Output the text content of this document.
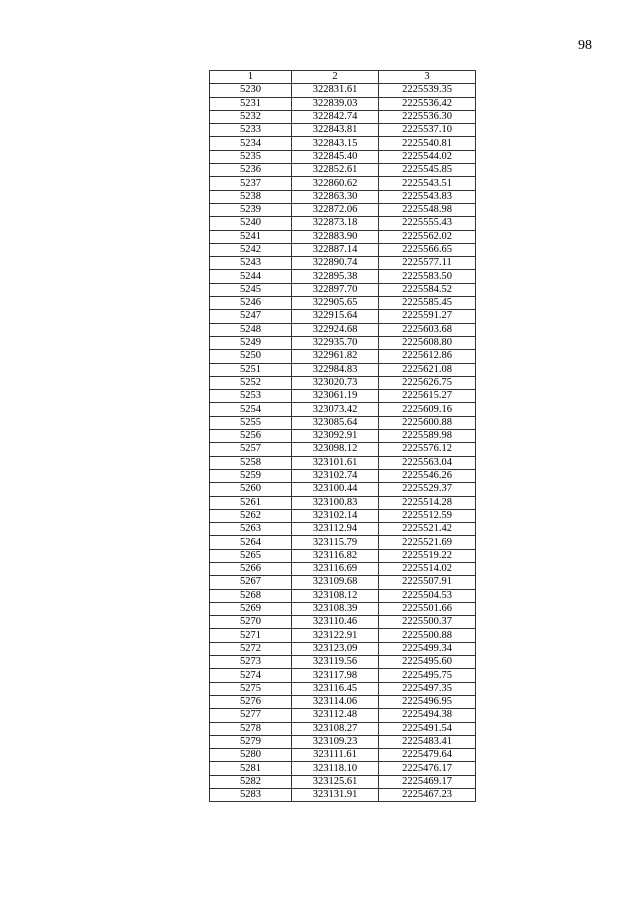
98
1	2	3
5230	322831.61	2225539.35
5231	322839.03	2225536.42
5232	322842.74	2225536.30
5233	322843.81	2225537.10
5234	322843.15	2225540.81
5235	322845.40	2225544.02
5236	322852.61	2225545.85
5237	322860.62	2225543.51
5238	322863.30	2225543.83
5239	322872.06	2225548.98
5240	322873.18	2225555.43
5241	322883.90	2225562.02
5242	322887.14	2225566.65
5243	322890.74	2225577.11
5244	322895.38	2225583.50
5245	322897.70	2225584.52
5246	322905.65	2225585.45
5247	322915.64	2225591.27
5248	322924.68	2225603.68
5249	322935.70	2225608.80
5250	322961.82	2225612.86
5251	322984.83	2225621.08
5252	323020.73	2225626.75
5253	323061.19	2225615.27
5254	323073.42	2225609.16
5255	323085.64	2225600.88
5256	323092.91	2225589.98
5257	323098.12	2225576.12
5258	323101.61	2225563.04
5259	323102.74	2225546.26
5260	323100.44	2225529.37
5261	323100.83	2225514.28
5262	323102.14	2225512.59
5263	323112.94	2225521.42
5264	323115.79	2225521.69
5265	323116.82	2225519.22
5266	323116.69	2225514.02
5267	323109.68	2225507.91
5268	323108.12	2225504.53
5269	323108.39	2225501.66
5270	323110.46	2225500.37
5271	323122.91	2225500.88
5272	323123.09	2225499.34
5273	323119.56	2225495.60
5274	323117.98	2225495.75
5275	323116.45	2225497.35
5276	323114.06	2225496.95
5277	323112.48	2225494.38
5278	323108.27	2225491.54
5279	323109.23	2225483.41
5280	323111.61	2225479.64
5281	323118.10	2225476.17
5282	323125.61	2225469.17
5283	323131.91	2225467.23
